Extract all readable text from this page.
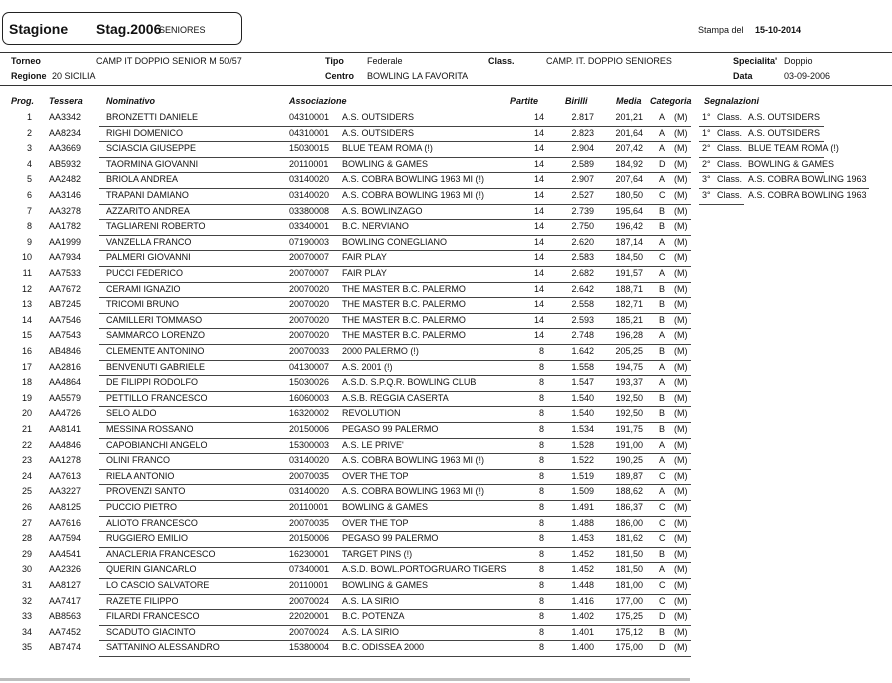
Stagione Stag.2006
SENIORES	Stampa del 15-10-2014
Torneo	CAMP IT DOPPIO SENIOR M 50/57	Tipo	Federale	Class.	CAMP. IT. DOPPIO SENIORES	Specialita' Doppio
Regione 20 SICILIA	Centro BOWLING LA FAVORITA	Data	03-09-2006
Prog. Tessera	Nominativo	Associazione	Partite	Birilli	Media Categoria Segnalazioni
1 AA3342	BRONZETTI DANIELE	04310001 A.S. OUTSIDERS	14	2.817 201,21 A (M) 1° Class. A.S. OUTSIDERS
2 AA8234	RIGHI DOMENICO	04310001 A.S. OUTSIDERS	14	2.823 201,64 A (M) 1° Class. A.S. OUTSIDERS
3 AA3669	SCIASCIA GIUSEPPE	15030015 BLUE TEAM ROMA (!)	14	2.904 207,42 A (M) 2° Class. BLUE TEAM ROMA (!)
4 AB5932	TAORMINA GIOVANNI	20110001 BOWLING & GAMES	14	2.589 184,92 D (M) 2° Class. BOWLING & GAMES
5 AA2482	BRIOLA ANDREA	03140020 A.S. COBRA BOWLING 1963 MI (!)	14	2.907 207,64 A (M) 3° Class. A.S. COBRA BOWLING 1963
6 AA3146	TRAPANI DAMIANO	03140020 A.S. COBRA BOWLING 1963 MI (!)	14	2.527 180,50 C (M) 3° Class. A.S. COBRA BOWLING 1963
7 AA3278	AZZARITO ANDREA	03380008 A.S. BOWLINZAGO	14	2.739 195,64 B (M)
8 AA1782	TAGLIARENI ROBERTO	03340001 B.C. NERVIANO	14	2.750 196,42 B (M)
9 AA1999	VANZELLA FRANCO	07190003 BOWLING CONEGLIANO	14	2.620 187,14 A (M)
10 AA7934	PALMERI GIOVANNI	20070007 FAIR PLAY	14	2.583 184,50 C (M)
11 AA7533	PUCCI FEDERICO	20070007 FAIR PLAY	14	2.682 191,57 A (M)
12 AA7672	CERAMI IGNAZIO	20070020 THE MASTER B.C. PALERMO	14	2.642 188,71 B (M)
13 AB7245	TRICOMI BRUNO	20070020 THE MASTER B.C. PALERMO	14	2.558 182,71 B (M)
14 AA7546	CAMILLERI TOMMASO	20070020 THE MASTER B.C. PALERMO	14	2.593 185,21 B (M)
15 AA7543	SAMMARCO LORENZO	20070020 THE MASTER B.C. PALERMO	14	2.748 196,28 A (M)
16 AB4846	CLEMENTE ANTONINO	20070033 2000 PALERMO (!)	8	1.642 205,25 B (M)
17 AA2816	BENVENUTI GABRIELE	04130007 A.S. 2001 (!)	8	1.558 194,75 A (M)
18 AA4864	DE FILIPPI RODOLFO	15030026 A.S.D. S.P.Q.R. BOWLING CLUB	8	1.547 193,37 A (M)
19 AA5579	PETTILLO FRANCESCO	16060003 A.S.B. REGGIA CASERTA	8	1.540 192,50 B (M)
20 AA4726	SELO ALDO	16320002 REVOLUTION	8	1.540 192,50 B (M)
21 AA8141	MESSINA ROSSANO	20150006 PEGASO 99 PALERMO	8	1.534 191,75 B (M)
22 AA4846	CAPOBIANCHI ANGELO	15300003 A.S. LE PRIVE'	8	1.528 191,00 A (M)
23 AA1278	OLINI FRANCO	03140020 A.S. COBRA BOWLING 1963 MI (!)	8	1.522 190,25 A (M)
24 AA7613	RIELA ANTONIO	20070035 OVER THE TOP	8	1.519 189,87 C (M)
25 AA3227	PROVENZI SANTO	03140020 A.S. COBRA BOWLING 1963 MI (!)	8	1.509 188,62 A (M)
26 AA8125	PUCCIO PIETRO	20110001 BOWLING & GAMES	8	1.491 186,37 C (M)
27 AA7616	ALIOTO FRANCESCO	20070035 OVER THE TOP	8	1.488 186,00 C (M)
28 AA7594	RUGGIERO EMILIO	20150006 PEGASO 99 PALERMO	8	1.453 181,62 C (M)
29 AA4541	ANACLERIA FRANCESCO	16230001 TARGET PINS (!)	8	1.452 181,50 B (M)
30 AA2326	QUERIN GIANCARLO	07340001 A.S.D. BOWL.PORTOGRUARO TIGERS	8	1.452 181,50 A (M)
31 AA8127	LO CASCIO SALVATORE	20110001 BOWLING & GAMES	8	1.448 181,00 C (M)
32 AA7417	RAZETE FILIPPO	20070024 A.S. LA SIRIO	8	1.416 177,00 C (M)
33 AB8563	FILARDI FRANCESCO	22020001 B.C. POTENZA	8	1.402 175,25 D (M)
34 AA7452	SCADUTO GIACINTO	20070024 A.S. LA SIRIO	8	1.401 175,12 B (M)
35 AB7474	SATTANINO ALESSANDRO	15380004 B.C. ODISSEA 2000	8	1.400 175,00 D (M)
